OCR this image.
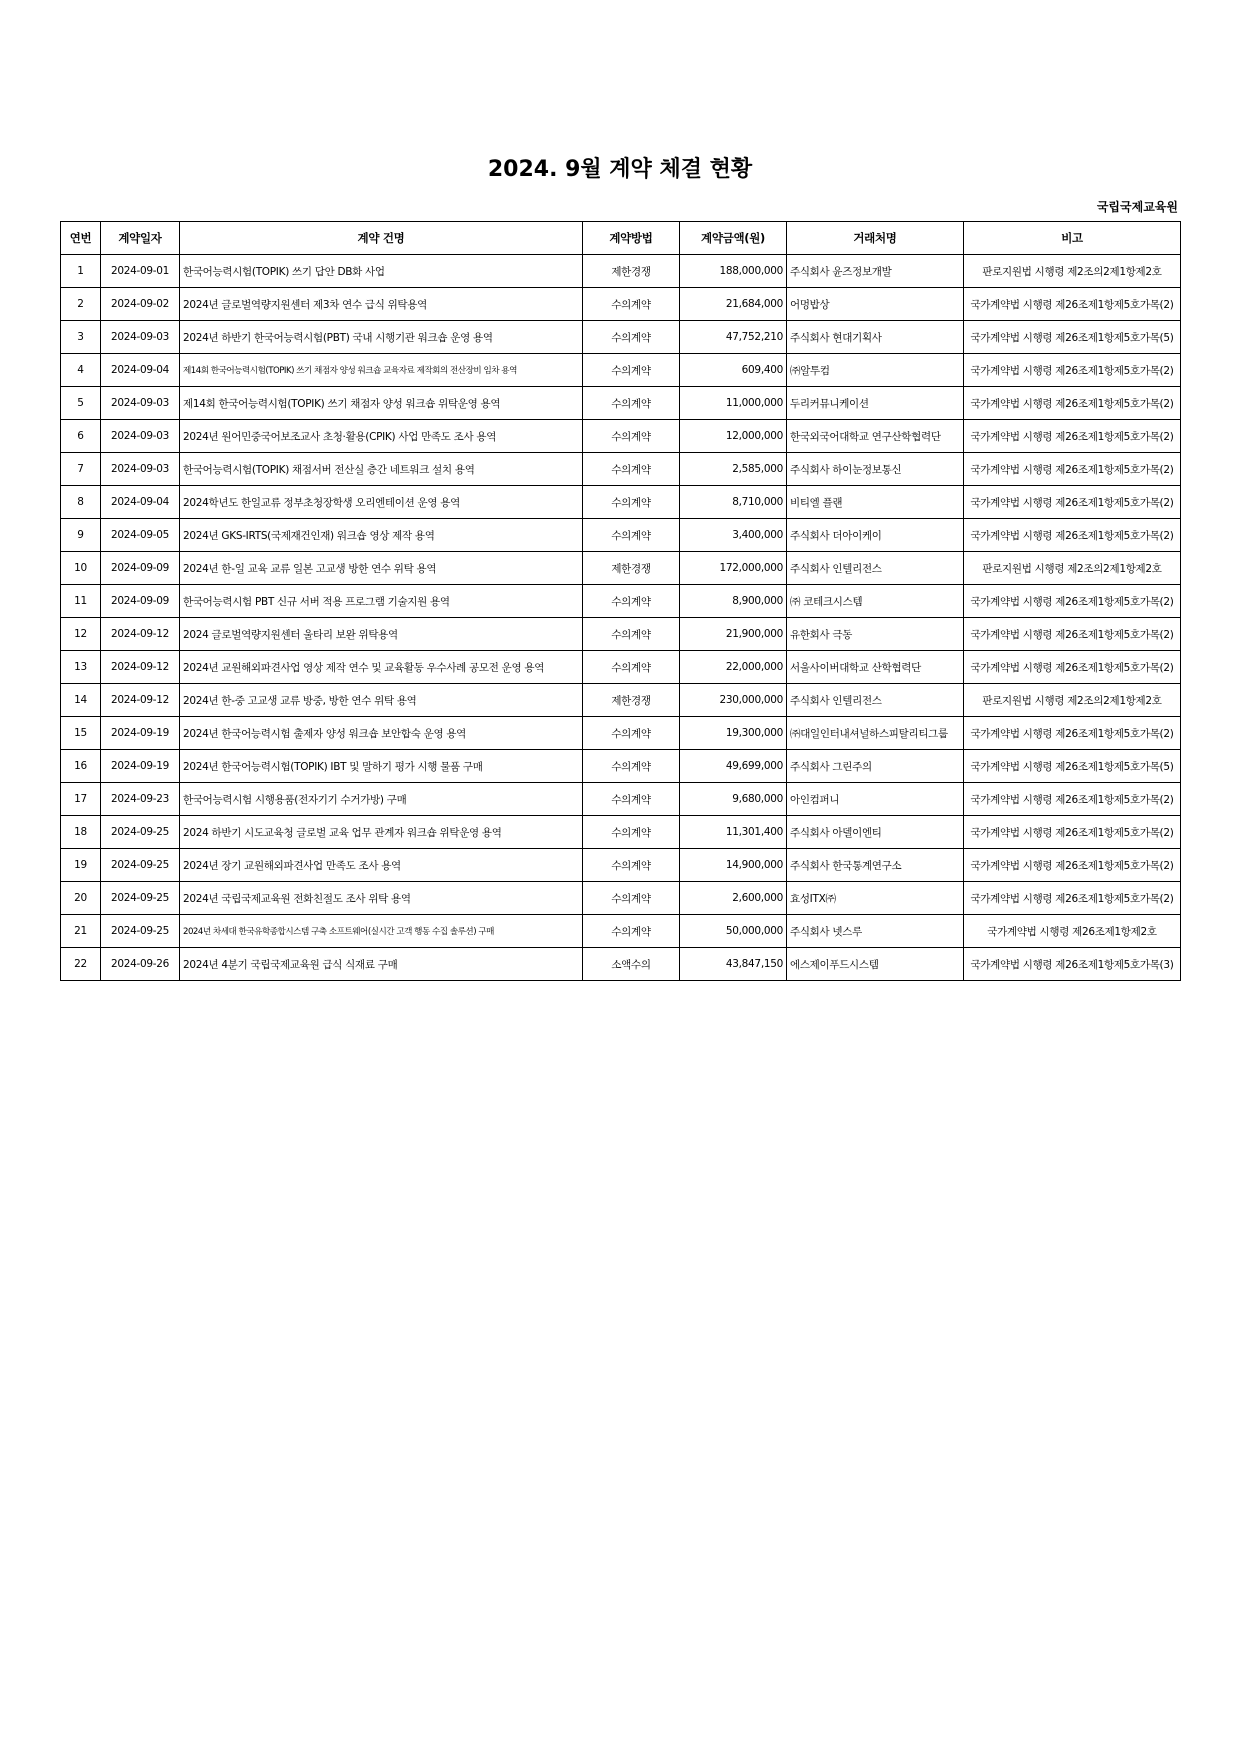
2024. 9월 계약 체결 현황
국립국제교육원
연번	계약일자	계약 건명	계약방법	계약금액(원)	거래처명	비고
1	2024-09-01	한국어능력시험(TOPIK) 쓰기 답안 DB화 사업	제한경쟁	188,000,000	주식회사 윤즈정보개발	판로지원법 시행령 제2조의2제1항제2호
2	2024-09-02	2024년 글로벌역량지원센터 제3차 연수 급식 위탁용역	수의계약	21,684,000	어멍밥상	국가계약법 시행령 제26조제1항제5호가목(2)
3	2024-09-03	2024년 하반기 한국어능력시험(PBT) 국내 시행기관 워크숍 운영 용역	수의계약	47,752,210	주식회사 현대기획사	국가계약법 시행령 제26조제1항제5호가목(5)
4	2024-09-04	제14회 한국어능력시험(TOPIK) 쓰기 채점자 양성 워크숍 교육자료 제작회의 전산장비 임차 용역	수의계약	609,400	㈜알투컴	국가계약법 시행령 제26조제1항제5호가목(2)
5	2024-09-03	제14회 한국어능력시험(TOPIK) 쓰기 채점자 양성 워크숍 위탁운영 용역	수의계약	11,000,000	두리커뮤니케이션	국가계약법 시행령 제26조제1항제5호가목(2)
6	2024-09-03	2024년 원어민중국어보조교사 초청·활용(CPIK) 사업 만족도 조사 용역	수의계약	12,000,000	한국외국어대학교 연구산학협력단	국가계약법 시행령 제26조제1항제5호가목(2)
7	2024-09-03	한국어능력시험(TOPIK) 채점서버 전산실 층간 네트워크 설치 용역	수의계약	2,585,000	주식회사 하이눈정보통신	국가계약법 시행령 제26조제1항제5호가목(2)
8	2024-09-04	2024학년도 한일교류 정부초청장학생 오리엔테이션 운영 용역	수의계약	8,710,000	비티엘 플랜	국가계약법 시행령 제26조제1항제5호가목(2)
9	2024-09-05	2024년 GKS-IRTS(국제재건인재) 워크숍 영상 제작 용역	수의계약	3,400,000	주식회사 더아이케이	국가계약법 시행령 제26조제1항제5호가목(2)
10	2024-09-09	2024년 한-일 교육 교류 일본 고교생 방한 연수 위탁 용역	제한경쟁	172,000,000	주식회사 인텔리전스	판로지원법 시행령 제2조의2제1항제2호
11	2024-09-09	한국어능력시험 PBT 신규 서버 적용 프로그램 기술지원 용역	수의계약	8,900,000	㈜ 코테크시스템	국가계약법 시행령 제26조제1항제5호가목(2)
12	2024-09-12	2024 글로벌역량지원센터 울타리 보완 위탁용역	수의계약	21,900,000	유한회사 극동	국가계약법 시행령 제26조제1항제5호가목(2)
13	2024-09-12	2024년 교원해외파견사업 영상 제작 연수 및 교육활동 우수사례 공모전 운영 용역	수의계약	22,000,000	서울사이버대학교 산학협력단	국가계약법 시행령 제26조제1항제5호가목(2)
14	2024-09-12	2024년 한-중 고교생 교류 방중, 방한 연수 위탁 용역	제한경쟁	230,000,000	주식회사 인텔리전스	판로지원법 시행령 제2조의2제1항제2호
15	2024-09-19	2024년 한국어능력시험 출제자 양성 워크숍 보안합숙 운영 용역	수의계약	19,300,000	㈜대일인터내셔널하스피탈리티그룹	국가계약법 시행령 제26조제1항제5호가목(2)
16	2024-09-19	2024년 한국어능력시험(TOPIK) IBT 및 말하기 평가 시행 물품 구매	수의계약	49,699,000	주식회사 그린주의	국가계약법 시행령 제26조제1항제5호가목(5)
17	2024-09-23	한국어능력시험 시행용품(전자기기 수거가방) 구매	수의계약	9,680,000	아인컴퍼니	국가계약법 시행령 제26조제1항제5호가목(2)
18	2024-09-25	2024 하반기 시도교육청 글로벌 교육 업무 관계자 워크숍 위탁운영 용역	수의계약	11,301,400	주식회사 아델이엔티	국가계약법 시행령 제26조제1항제5호가목(2)
19	2024-09-25	2024년 장기 교원해외파견사업 만족도 조사 용역	수의계약	14,900,000	주식회사 한국통계연구소	국가계약법 시행령 제26조제1항제5호가목(2)
20	2024-09-25	2024년 국립국제교육원 전화친절도 조사 위탁 용역	수의계약	2,600,000	효성ITX㈜	국가계약법 시행령 제26조제1항제5호가목(2)
21	2024-09-25	2024년 차세대 한국유학종합시스템 구축 소프트웨어(실시간 고객 행동 수집 솔루션) 구매	수의계약	50,000,000	주식회사 넷스루	국가계약법 시행령 제26조제1항제2호
22	2024-09-26	2024년 4분기 국립국제교육원 급식 식재료 구매	소액수의	43,847,150	에스제이푸드시스템	국가계약법 시행령 제26조제1항제5호가목(3)
